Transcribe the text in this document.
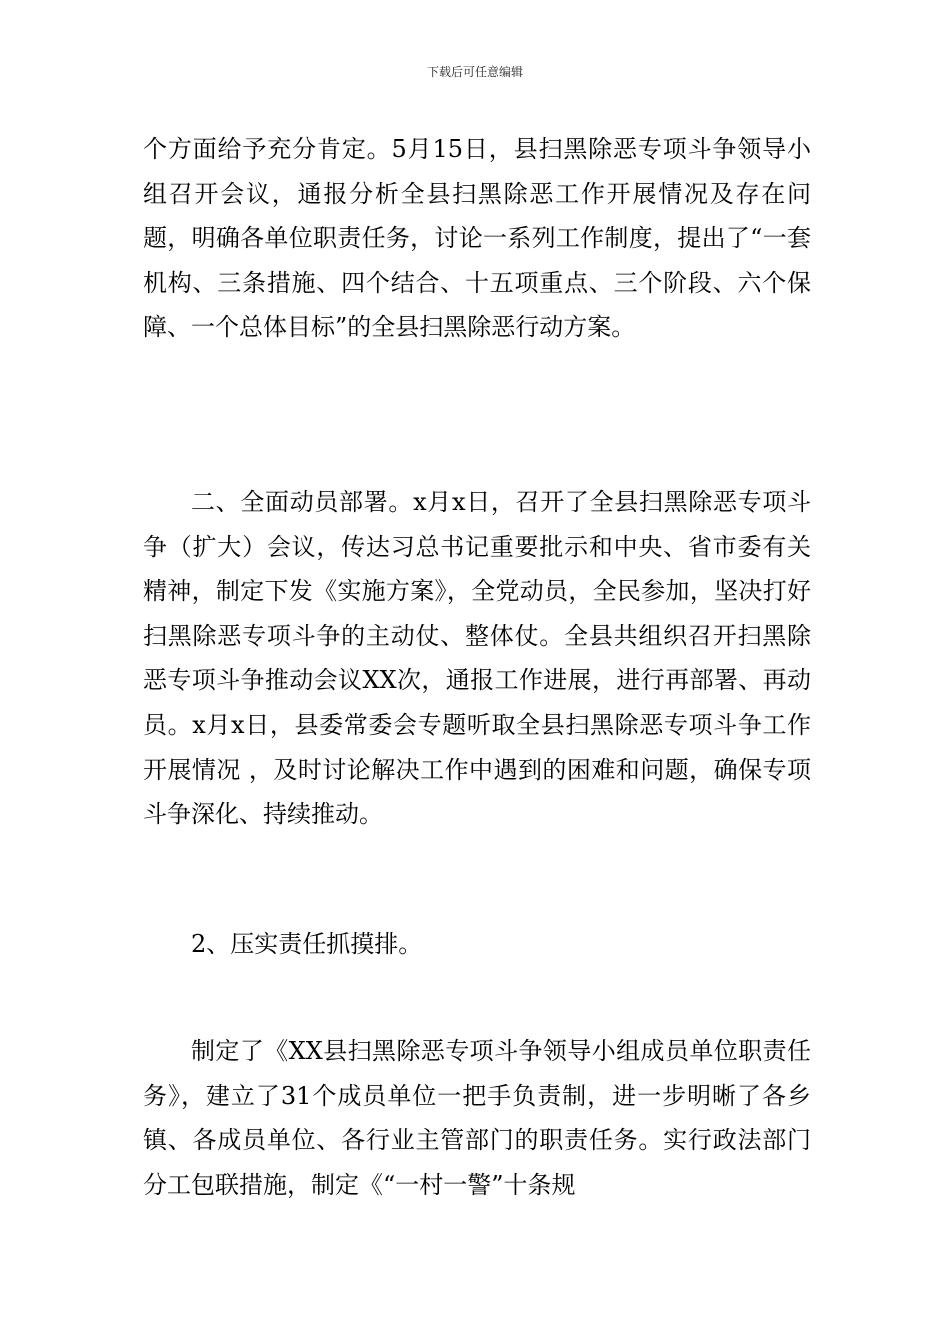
下载后可任意编辑

个方面给予充分肯定。5月15日，县扫黑除恶专项斗争领导小组召开会议，通报分析全县扫黑除恶工作开展情况及存在问题，明确各单位职责任务，讨论一系列工作制度，提出了“一套机构、三条措施、四个结合、十五项重点、三个阶段、六个保障、一个总体目标”的全县扫黑除恶行动方案。

二、全面动员部署。x月x日，召开了全县扫黑除恶专项斗争（扩大）会议，传达习总书记重要批示和中央、省市委有关精神，制定下发《实施方案》，全党动员，全民参加，坚决打好扫黑除恶专项斗争的主动仗、整体仗。全县共组织召开扫黑除恶专项斗争推动会议XX次，通报工作进展，进行再部署、再动员。x月x日，县委常委会专题听取全县扫黑除恶专项斗争工作开展情况 ，及时讨论解决工作中遇到的困难和问题，确保专项斗争深化、持续推动。

2、压实责任抓摸排。

制定了《XX县扫黑除恶专项斗争领导小组成员单位职责任务》，建立了31个成员单位一把手负责制，进一步明晰了各乡镇、各成员单位、各行业主管部门的职责任务。实行政法部门分工包联措施，制定《“一村一警”十条规
